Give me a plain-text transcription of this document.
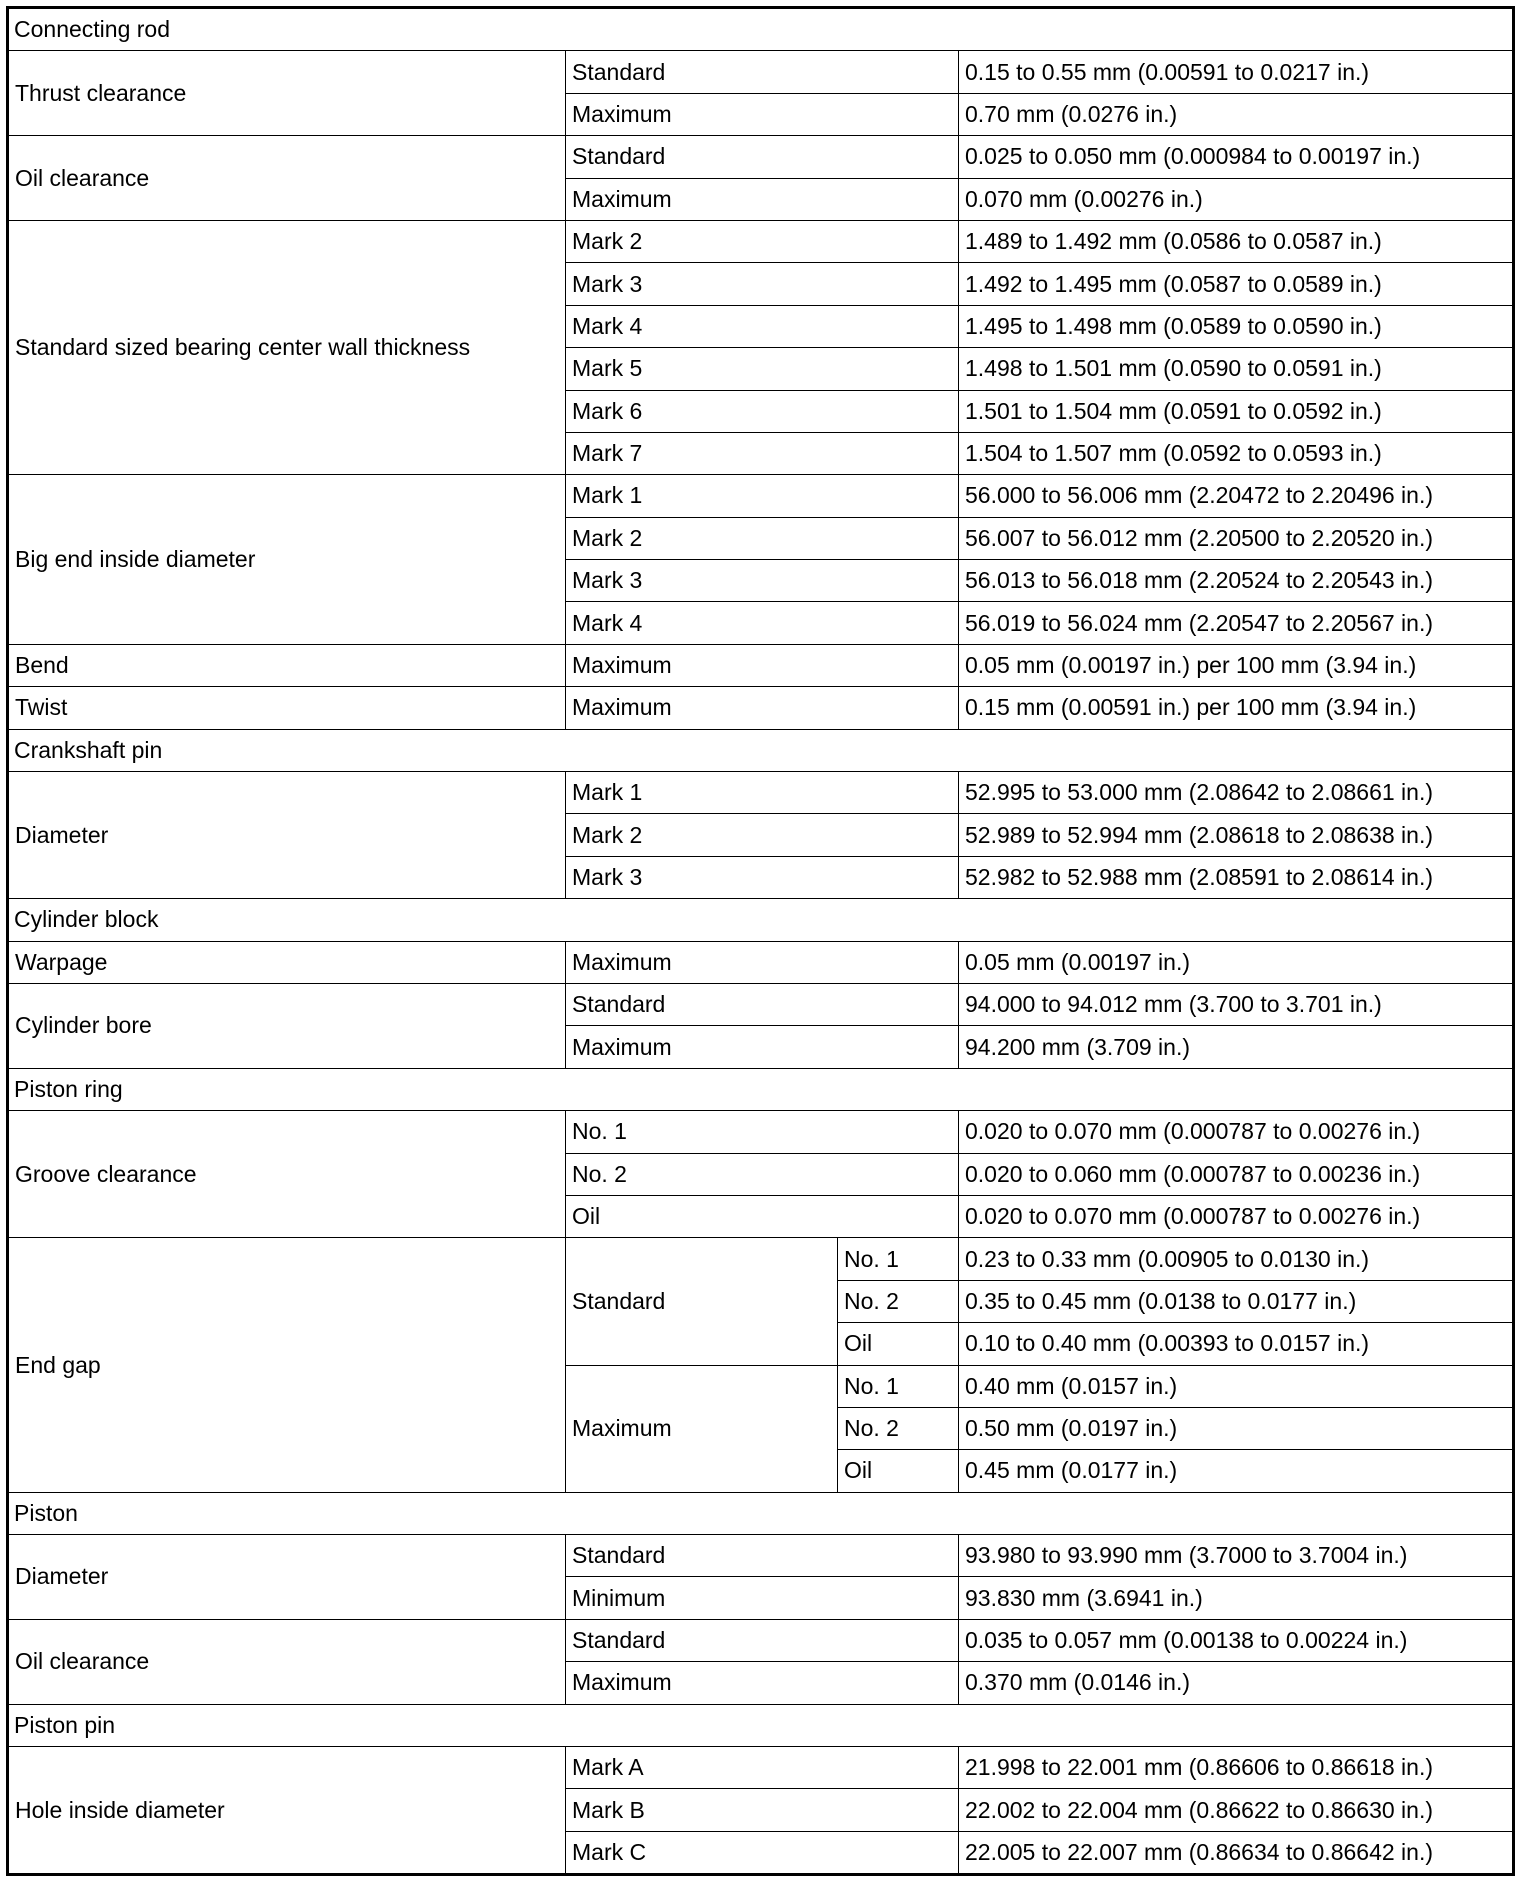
Connecting rod			
Thrust clearance	Standard		0.15 to 0.55 mm (0.00591 to 0.0217 in.)
	Maximum		0.70 mm (0.0276 in.)
Oil clearance	Standard		0.025 to 0.050 mm (0.000984 to 0.00197 in.)
	Maximum		0.070 mm (0.00276 in.)
Standard sized bearing center wall thickness	Mark 2		1.489 to 1.492 mm (0.0586 to 0.0587 in.)
	Mark 3		1.492 to 1.495 mm (0.0587 to 0.0589 in.)
	Mark 4		1.495 to 1.498 mm (0.0589 to 0.0590 in.)
	Mark 5		1.498 to 1.501 mm (0.0590 to 0.0591 in.)
	Mark 6		1.501 to 1.504 mm (0.0591 to 0.0592 in.)
	Mark 7		1.504 to 1.507 mm (0.0592 to 0.0593 in.)
Big end inside diameter	Mark 1		56.000 to 56.006 mm (2.20472 to 2.20496 in.)
	Mark 2		56.007 to 56.012 mm (2.20500 to 2.20520 in.)
	Mark 3		56.013 to 56.018 mm (2.20524 to 2.20543 in.)
	Mark 4		56.019 to 56.024 mm (2.20547 to 2.20567 in.)
Bend	Maximum		0.05 mm (0.00197 in.) per 100 mm (3.94 in.)
Twist	Maximum		0.15 mm (0.00591 in.) per 100 mm (3.94 in.)
Crankshaft pin			
Diameter	Mark 1		52.995 to 53.000 mm (2.08642 to 2.08661 in.)
	Mark 2		52.989 to 52.994 mm (2.08618 to 2.08638 in.)
	Mark 3		52.982 to 52.988 mm (2.08591 to 2.08614 in.)
Cylinder block			
Warpage	Maximum		0.05 mm (0.00197 in.)
Cylinder bore	Standard		94.000 to 94.012 mm (3.700 to 3.701 in.)
	Maximum		94.200 mm (3.709 in.)
Piston ring			
Groove clearance	No. 1		0.020 to 0.070 mm (0.000787 to 0.00276 in.)
	No. 2		0.020 to 0.060 mm (0.000787 to 0.00236 in.)
	Oil		0.020 to 0.070 mm (0.000787 to 0.00276 in.)
End gap	Standard	No. 1	0.23 to 0.33 mm (0.00905 to 0.0130 in.)
		No. 2	0.35 to 0.45 mm (0.0138 to 0.0177 in.)
		Oil	0.10 to 0.40 mm (0.00393 to 0.0157 in.)
	Maximum	No. 1	0.40 mm (0.0157 in.)
		No. 2	0.50 mm (0.0197 in.)
		Oil	0.45 mm (0.0177 in.)
Piston			
Diameter	Standard		93.980 to 93.990 mm (3.7000 to 3.7004 in.)
	Minimum		93.830 mm (3.6941 in.)
Oil clearance	Standard		0.035 to 0.057 mm (0.00138 to 0.00224 in.)
	Maximum		0.370 mm (0.0146 in.)
Piston pin			
Hole inside diameter	Mark A		21.998 to 22.001 mm (0.86606 to 0.86618 in.)
	Mark B		22.002 to 22.004 mm (0.86622 to 0.86630 in.)
	Mark C		22.005 to 22.007 mm (0.86634 to 0.86642 in.)
